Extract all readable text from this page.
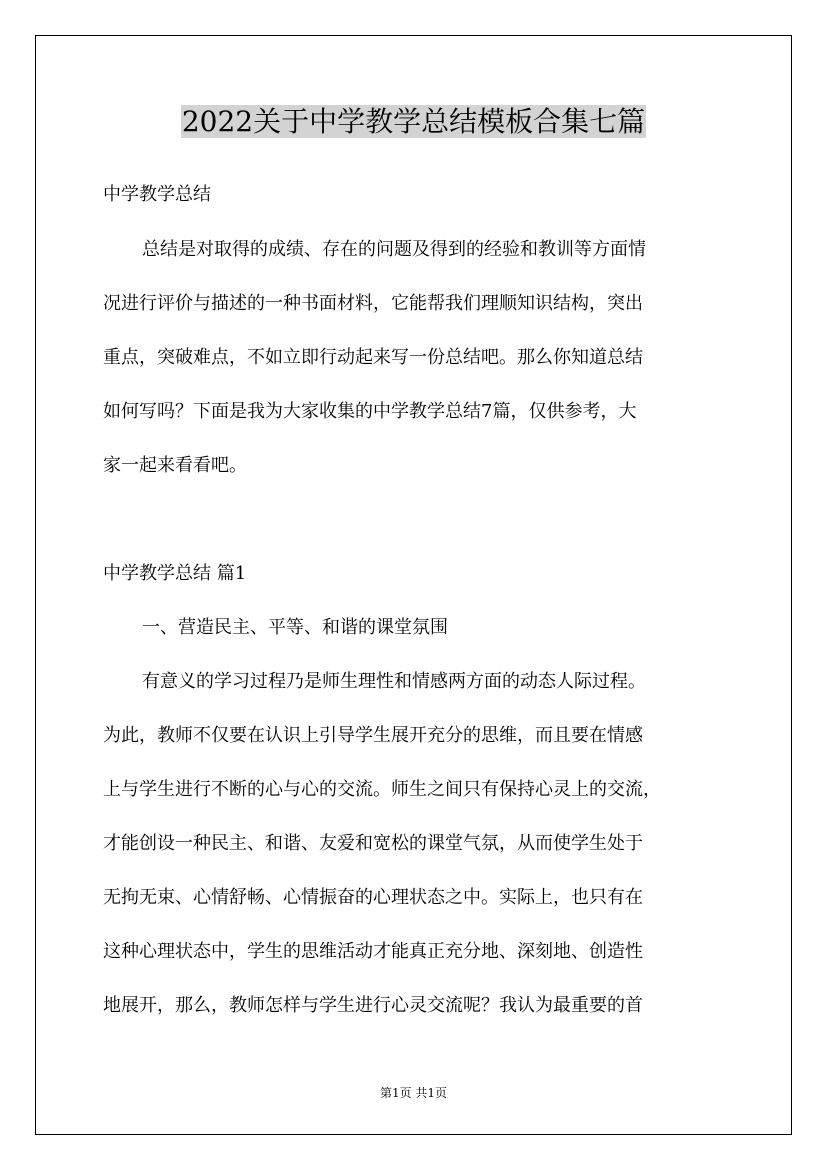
2022关于中学教学总结模板合集七篇
中学教学总结
总结是对取得的成绩、存在的问题及得到的经验和教训等方面情
况进行评价与描述的一种书面材料，它能帮我们理顺知识结构，突出
重点，突破难点，不如立即行动起来写一份总结吧。那么你知道总结
如何写吗？下面是我为大家收集的中学教学总结7篇，仅供参考，大
家一起来看看吧。
中学教学总结 篇1
一、营造民主、平等、和谐的课堂氛围
有意义的学习过程乃是师生理性和情感两方面的动态人际过程。
为此，教师不仅要在认识上引导学生展开充分的思维，而且要在情感
上与学生进行不断的心与心的交流。师生之间只有保持心灵上的交流，
才能创设一种民主、和谐、友爱和宽松的课堂气氛，从而使学生处于
无拘无束、心情舒畅、心情振奋的心理状态之中。实际上，也只有在
这种心理状态中，学生的思维活动才能真正充分地、深刻地、创造性
地展开，那么，教师怎样与学生进行心灵交流呢？我认为最重要的首
第1页 共1页
